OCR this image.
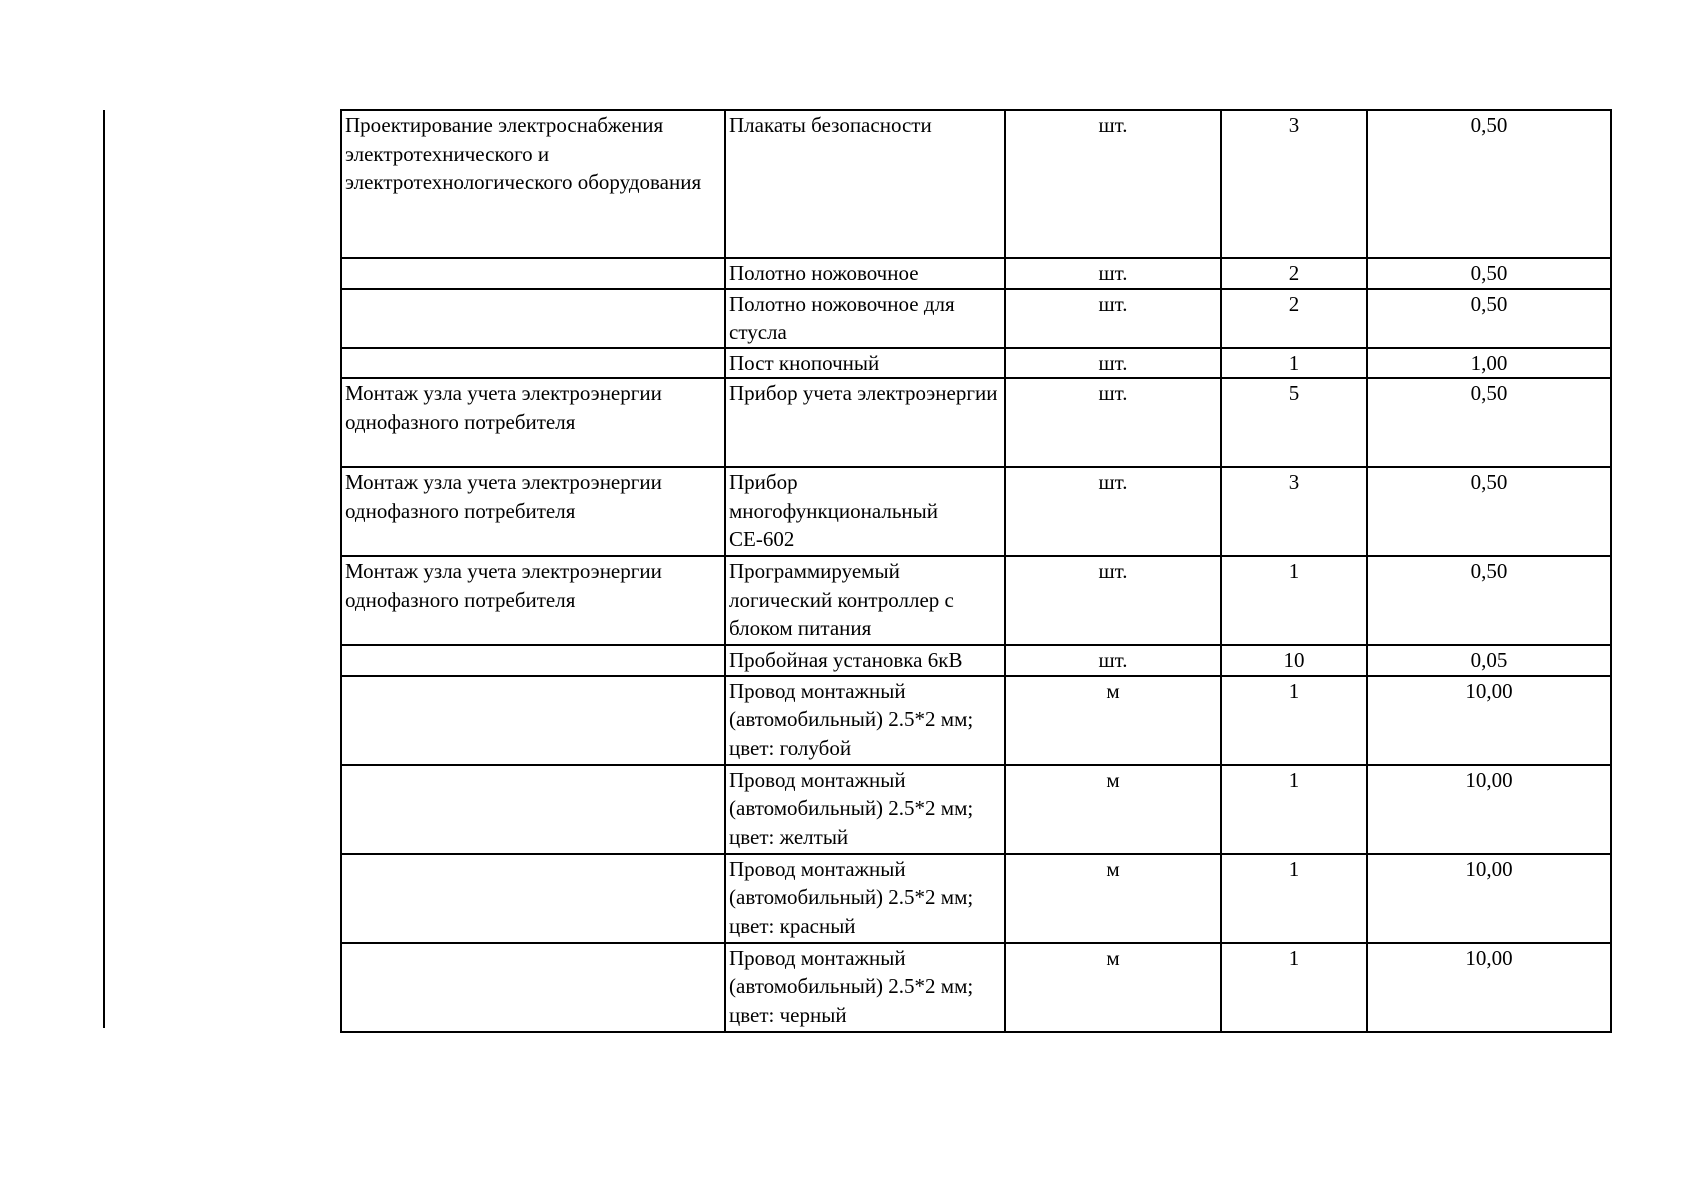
Проектирование электроснабжения электротехнического и электротехнологического оборудования	Плакаты безопасности	шт.	3	0,50
	Полотно ножовочное	шт.	2	0,50
	Полотно ножовочное для стусла	шт.	2	0,50
	Пост кнопочный	шт.	1	1,00
Монтаж узла учета электроэнергии однофазного потребителя	Прибор учета электроэнергии	шт.	5	0,50
Монтаж узла учета электроэнергии однофазного потребителя	Прибор многофункциональный СЕ-602	шт.	3	0,50
Монтаж узла учета электроэнергии однофазного потребителя	Программируемый логический контроллер с блоком питания	шт.	1	0,50
	Пробойная установка 6кВ	шт.	10	0,05
	Провод монтажный (автомобильный) 2.5*2 мм; цвет: голубой	м	1	10,00
	Провод монтажный (автомобильный) 2.5*2 мм; цвет: желтый	м	1	10,00
	Провод монтажный (автомобильный) 2.5*2 мм; цвет: красный	м	1	10,00
	Провод монтажный (автомобильный) 2.5*2 мм; цвет: черный	м	1	10,00
